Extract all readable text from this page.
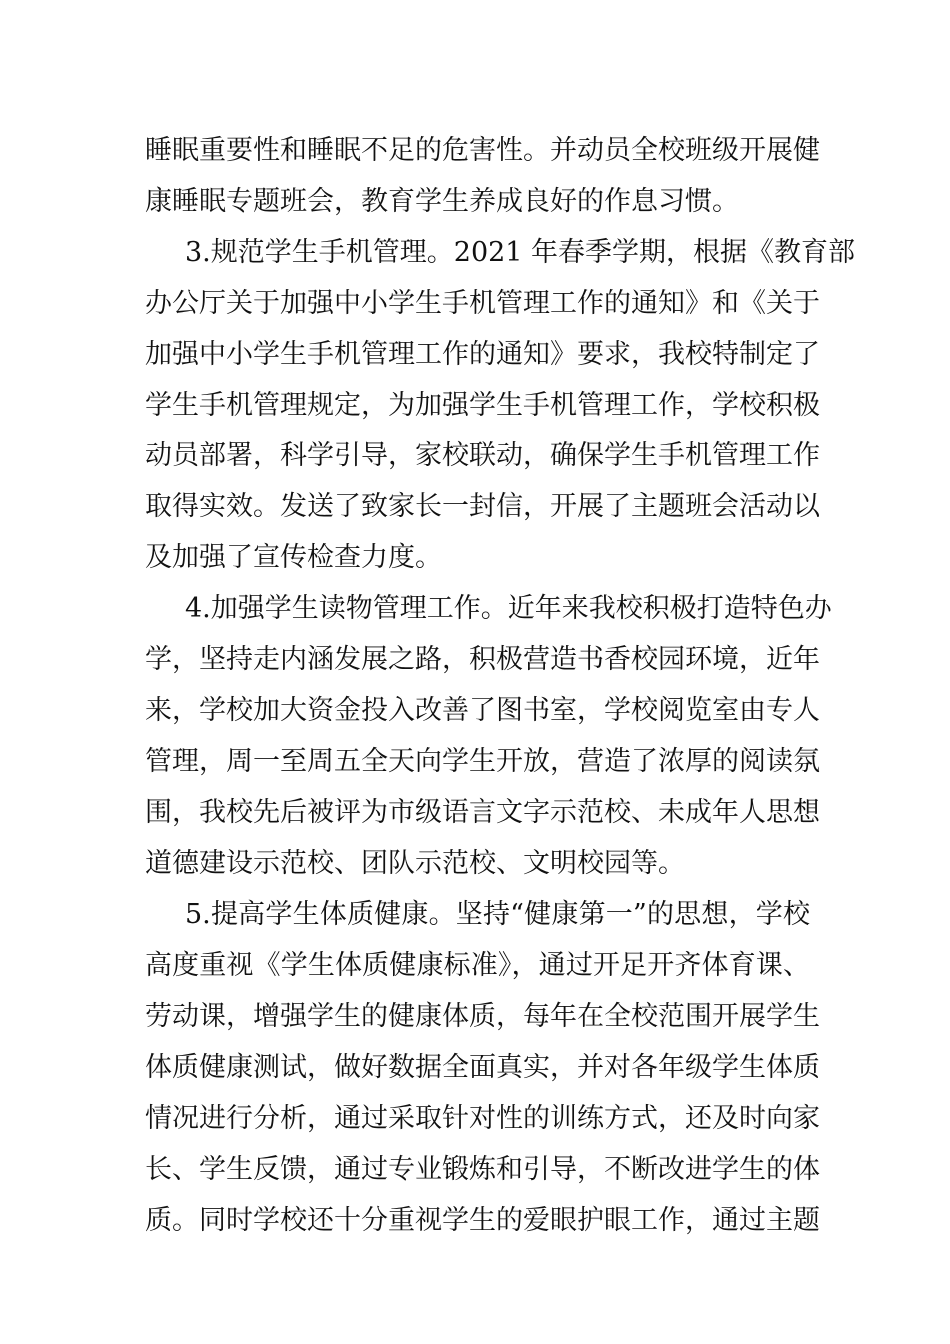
睡眠重要性和睡眠不足的危害性。并动员全校班级开展健
康睡眠专题班会，教育学生养成良好的作息习惯。
3.规范学生手机管理。2021 年春季学期，根据《教育部
办公厅关于加强中小学生手机管理工作的通知》和《关于
加强中小学生手机管理工作的通知》要求，我校特制定了
学生手机管理规定，为加强学生手机管理工作，学校积极
动员部署，科学引导，家校联动，确保学生手机管理工作
取得实效。发送了致家长一封信，开展了主题班会活动以
及加强了宣传检查力度。
4.加强学生读物管理工作。近年来我校积极打造特色办
学，坚持走内涵发展之路，积极营造书香校园环境，近年
来，学校加大资金投入改善了图书室，学校阅览室由专人
管理，周一至周五全天向学生开放，营造了浓厚的阅读氛
围，我校先后被评为市级语言文字示范校、未成年人思想
道德建设示范校、团队示范校、文明校园等。
5.提高学生体质健康。坚持“健康第一”的思想，学校
高度重视《学生体质健康标准》，通过开足开齐体育课、
劳动课，增强学生的健康体质，每年在全校范围开展学生
体质健康测试，做好数据全面真实，并对各年级学生体质
情况进行分析，通过采取针对性的训练方式，还及时向家
长、学生反馈，通过专业锻炼和引导，不断改进学生的体
质。同时学校还十分重视学生的爱眼护眼工作，通过主题
